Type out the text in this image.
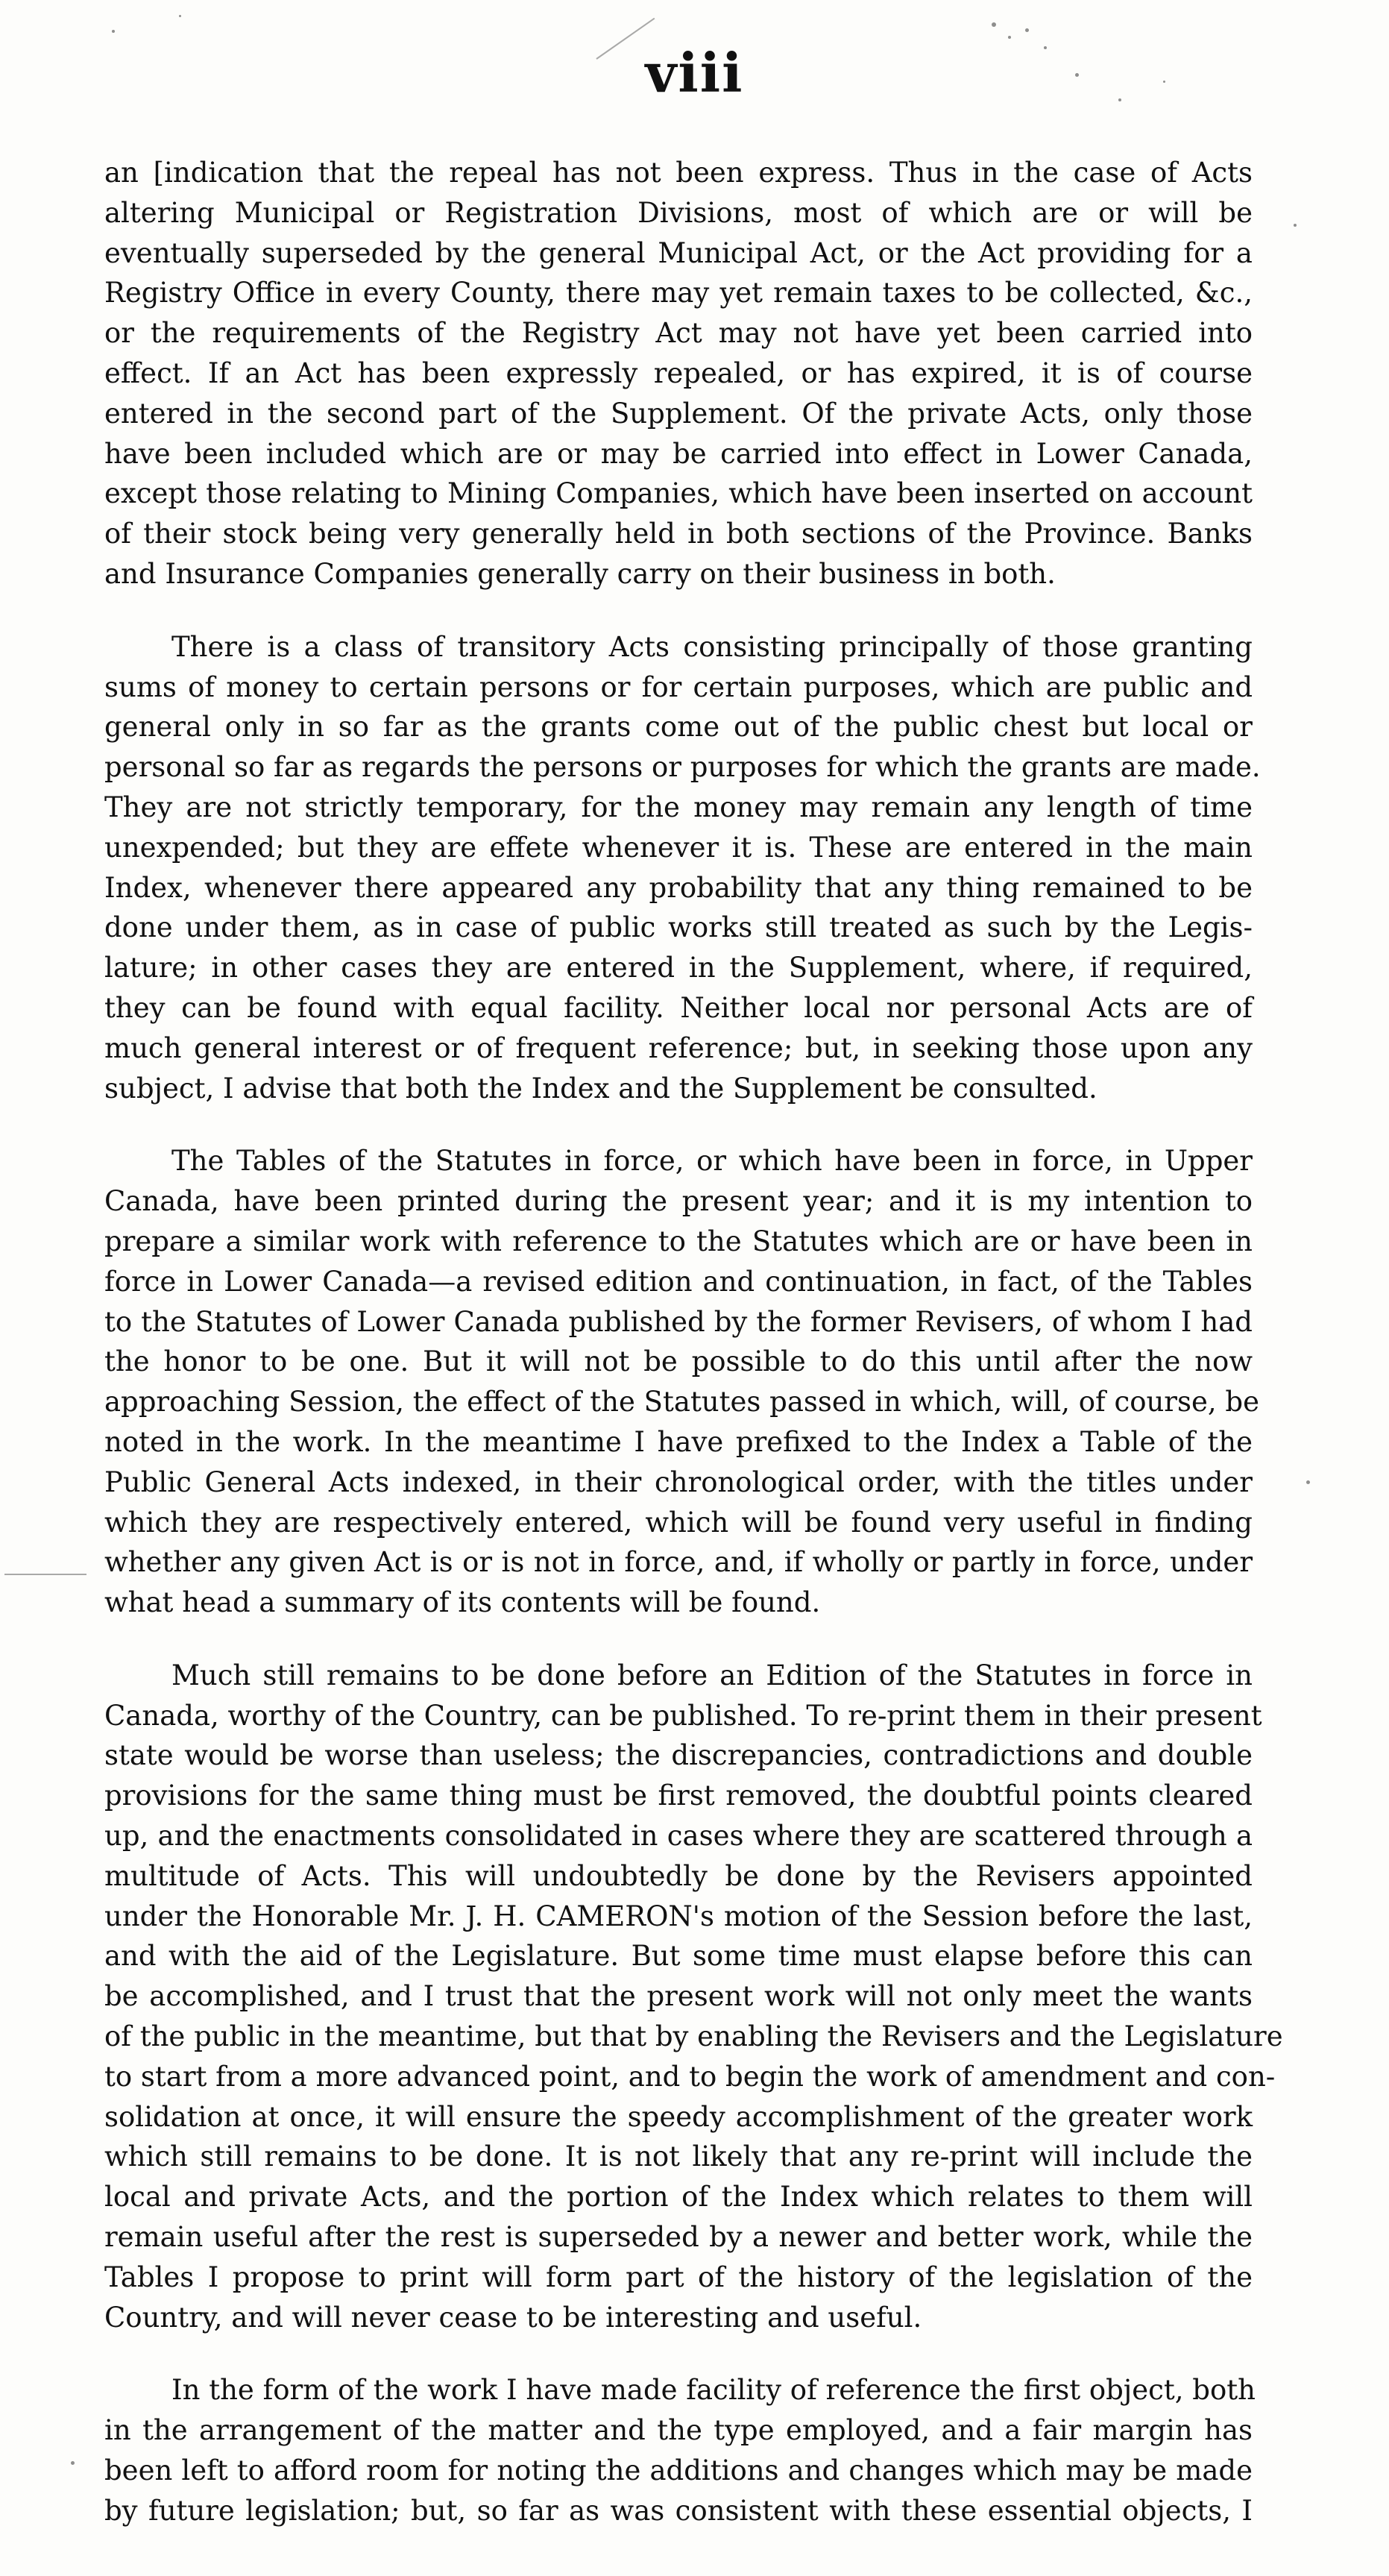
viii
an [indication that the repeal has not been express. Thus in the case of Acts
altering Municipal or Registration Divisions, most of which are or will be
eventually superseded by the general Municipal Act, or the Act providing for a
Registry Office in every County, there may yet remain taxes to be collected, &c.,
or the requirements of the Registry Act may not have yet been carried into
effect. If an Act has been expressly repealed, or has expired, it is of course
entered in the second part of the Supplement. Of the private Acts, only those
have been included which are or may be carried into effect in Lower Canada,
except those relating to Mining Companies, which have been inserted on account
of their stock being very generally held in both sections of the Province. Banks
and Insurance Companies generally carry on their business in both.
There is a class of transitory Acts consisting principally of those granting
sums of money to certain persons or for certain purposes, which are public and
general only in so far as the grants come out of the public chest but local or
personal so far as regards the persons or purposes for which the grants are made.
They are not strictly temporary, for the money may remain any length of time
unexpended; but they are effete whenever it is. These are entered in the main
Index, whenever there appeared any probability that any thing remained to be
done under them, as in case of public works still treated as such by the Legis-
lature; in other cases they are entered in the Supplement, where, if required,
they can be found with equal facility. Neither local nor personal Acts are of
much general interest or of frequent reference; but, in seeking those upon any
subject, I advise that both the Index and the Supplement be consulted.
The Tables of the Statutes in force, or which have been in force, in Upper
Canada, have been printed during the present year; and it is my intention to
prepare a similar work with reference to the Statutes which are or have been in
force in Lower Canada—a revised edition and continuation, in fact, of the Tables
to the Statutes of Lower Canada published by the former Revisers, of whom I had
the honor to be one. But it will not be possible to do this until after the now
approaching Session, the effect of the Statutes passed in which, will, of course, be
noted in the work. In the meantime I have prefixed to the Index a Table of the
Public General Acts indexed, in their chronological order, with the titles under
which they are respectively entered, which will be found very useful in finding
whether any given Act is or is not in force, and, if wholly or partly in force, under
what head a summary of its contents will be found.
Much still remains to be done before an Edition of the Statutes in force in
Canada, worthy of the Country, can be published. To re-print them in their present
state would be worse than useless; the discrepancies, contradictions and double
provisions for the same thing must be first removed, the doubtful points cleared
up, and the enactments consolidated in cases where they are scattered through a
multitude of Acts. This will undoubtedly be done by the Revisers appointed
under the Honorable Mr. J. H. CAMERON's motion of the Session before the last,
and with the aid of the Legislature. But some time must elapse before this can
be accomplished, and I trust that the present work will not only meet the wants
of the public in the meantime, but that by enabling the Revisers and the Legislature
to start from a more advanced point, and to begin the work of amendment and con-
solidation at once, it will ensure the speedy accomplishment of the greater work
which still remains to be done. It is not likely that any re-print will include the
local and private Acts, and the portion of the Index which relates to them will
remain useful after the rest is superseded by a newer and better work, while the
Tables I propose to print will form part of the history of the legislation of the
Country, and will never cease to be interesting and useful.
In the form of the work I have made facility of reference the first object, both
in the arrangement of the matter and the type employed, and a fair margin has
been left to afford room for noting the additions and changes which may be made
by future legislation; but, so far as was consistent with these essential objects, I
